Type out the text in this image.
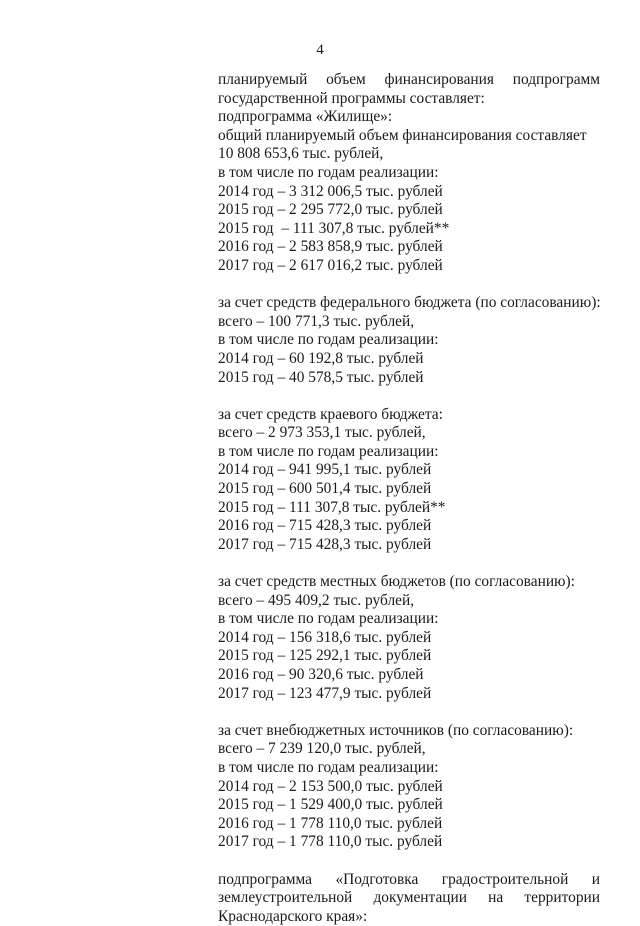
4
планируемый объем финансирования подпрограмм
государственной программы составляет:
подпрограмма «Жилище»:
общий планируемый объем финансирования составляет
10 808 653,6 тыс. рублей,
в том числе по годам реализации:
2014 год – 3 312 006,5 тыс. рублей
2015 год – 2 295 772,0 тыс. рублей
2015 год  – 111 307,8 тыс. рублей**
2016 год – 2 583 858,9 тыс. рублей
2017 год – 2 617 016,2 тыс. рублей
за счет средств федерального бюджета (по согласованию):
всего – 100 771,3 тыс. рублей,
в том числе по годам реализации:
2014 год – 60 192,8 тыс. рублей
2015 год – 40 578,5 тыс. рублей
за счет средств краевого бюджета:
всего – 2 973 353,1 тыс. рублей,
в том числе по годам реализации:
2014 год – 941 995,1 тыс. рублей
2015 год – 600 501,4 тыс. рублей
2015 год – 111 307,8 тыс. рублей**
2016 год – 715 428,3 тыс. рублей
2017 год – 715 428,3 тыс. рублей
за счет средств местных бюджетов (по согласованию):
всего – 495 409,2 тыс. рублей,
в том числе по годам реализации:
2014 год – 156 318,6 тыс. рублей
2015 год – 125 292,1 тыс. рублей
2016 год – 90 320,6 тыс. рублей
2017 год – 123 477,9 тыс. рублей
за счет внебюджетных источников (по согласованию):
всего – 7 239 120,0 тыс. рублей,
в том числе по годам реализации:
2014 год – 2 153 500,0 тыс. рублей
2015 год – 1 529 400,0 тыс. рублей
2016 год – 1 778 110,0 тыс. рублей
2017 год – 1 778 110,0 тыс. рублей
подпрограмма «Подготовка градостроительной и
землеустроительной документации на территории
Краснодарского края»:
